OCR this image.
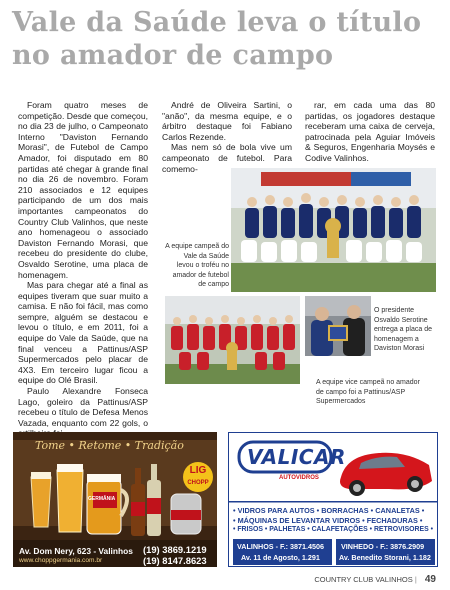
Vale da Saúde leva o título no amador de campo

Foram quatro meses de competição. Desde que começou, no dia 23 de julho, o Campeonato Interno "Daviston Fernando Morasi", de Futebol de Campo Amador, foi disputado em 80 partidas até chegar à grande final no dia 26 de novembro. Foram 210 associados e 12 equipes participando de um dos mais importantes campeonatos do Country Club Valinhos, que neste ano homenageou o associado Daviston Fernando Morasi, que recebeu do presidente do clube, Osvaldo Serotine, uma placa de homenagem.

Mas para chegar até a final as equipes tiveram que suar muito a camisa. E não foi fácil, mas como sempre, alguém se destacou e levou o título, e em 2011, foi a equipe do Vale da Saúde, que na final venceu a Pattinus/ASP Supermercados pelo placar de 4X3. Em terceiro lugar ficou a equipe do Olé Brasil.

Paulo Alexandre Fonseca Lago, goleiro da Pattinus/ASP recebeu o título de Defesa Menos Vazada, enquanto com 22 gols, o

André de Oliveira Sartini, o "anão", da mesma equipe, e o árbitro destaque foi Fabiano Carlos Rezende.

Mas nem só de bola vive um campeonato de futebol. Para comemo-

rar, em cada uma das 80 partidas, os jogadores destaque receberam uma caixa de cerveja, patrocinada pela Aguiar Imóveis & Seguros, Engenharia Moysés e Codive Valinhos.

A equipe campeã do Vale da Saúde levou o troféu no amador de futebol de campo

O presidente Osvaldo Serotine entrega a placa de homenagem a Daviston Morasi

A equipe vice campeã no amador de campo foi a Pattinus/ASP Supermercados

Tome • Retome • Tradição
GERMÂNIA
LIG
CHOPP
Av. Dom Nery, 623 - Valinhos
www.choppgermania.com.br
(19) 3869.1219
(19) 8147.8623
VALICAR
AUTOVIDROS
• VIDROS PARA AUTOS • BORRACHAS • CANALETAS •
• MÁQUINAS DE LEVANTAR VIDROS • FECHADURAS •
• FRISOS • PALHETAS • CALAFETAÇÕES • RETROVISORES •
VALINHOS - F.: 3871.4506
Av. 11 de Agosto, 1.291
VINHEDO - F.: 3876.2909
Av. Benedito Storani, 1.182
COUNTRY CLUB VALINHOS | 49
